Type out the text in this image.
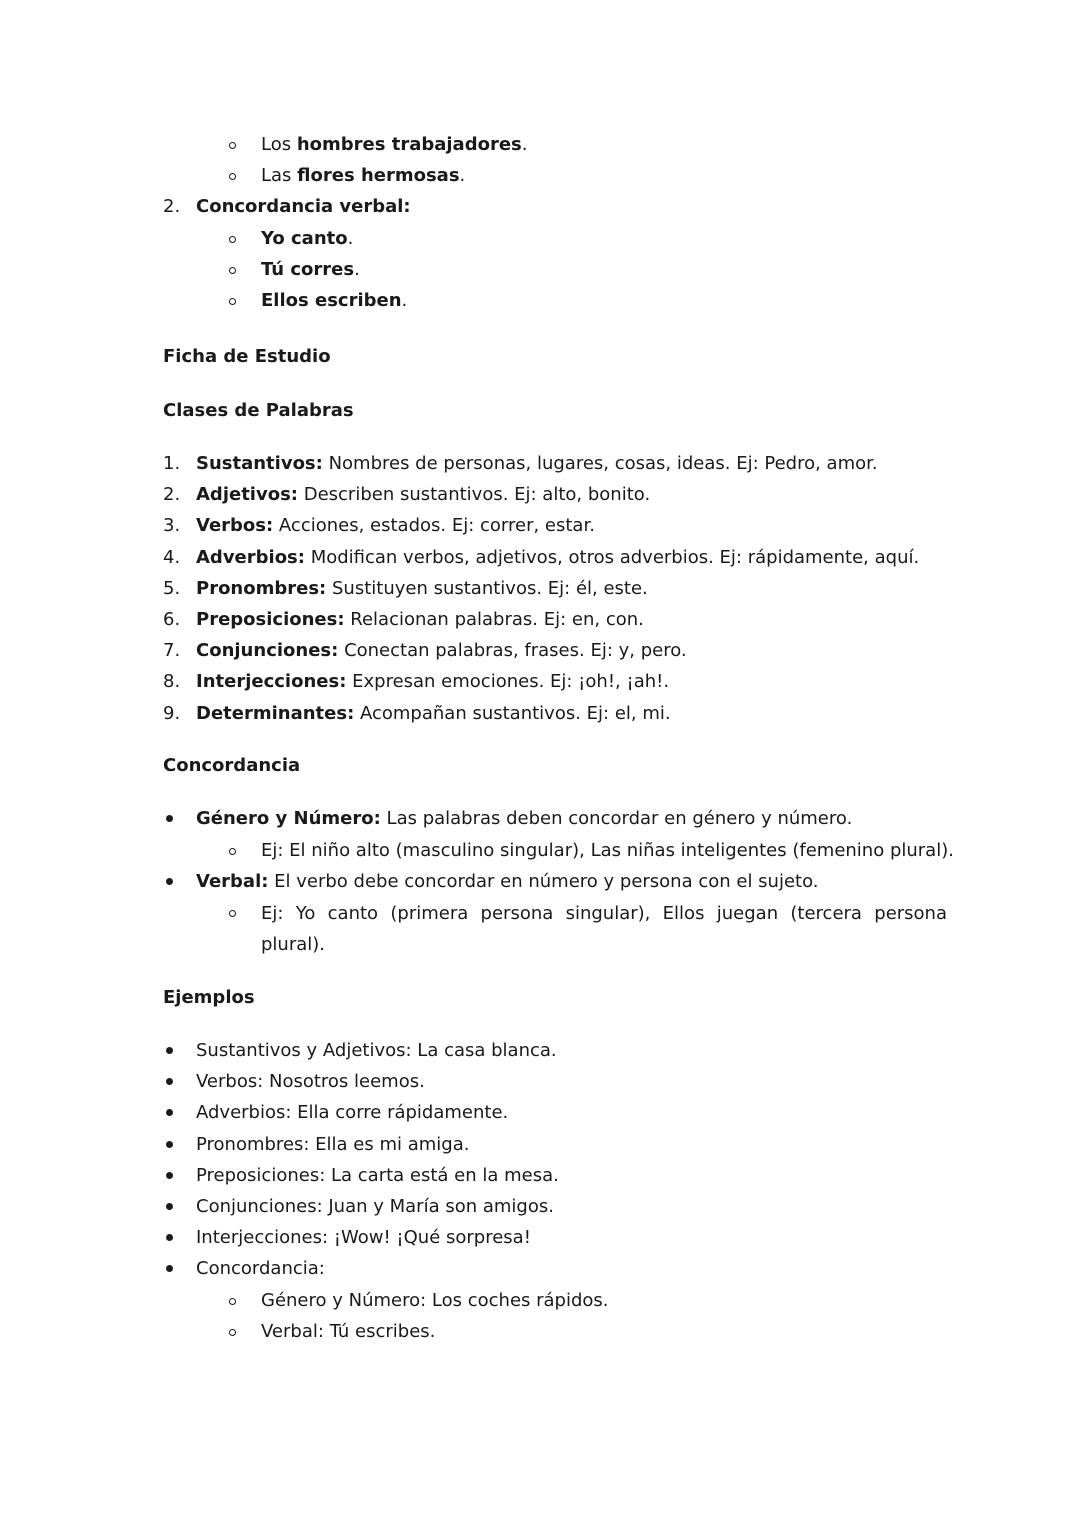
Los hombres trabajadores.
Las flores hermosas.
2. Concordancia verbal:
Yo canto.
Tú corres.
Ellos escriben.
Ficha de Estudio
Clases de Palabras
Concordancia
Género y Número: Las palabras deben concordar en género y número.
Ej: El niño alto (masculino singular), Las niñas inteligentes (femenino plural).
Verbal: El verbo debe concordar en número y persona con el sujeto.
Ej: Yo canto (primera persona singular), Ellos juegan (tercera persona plural).
Ejemplos
1. Sustantivos: Nombres de personas, lugares, cosas, ideas. Ej: Pedro, amor.
2. Adjetivos: Describen sustantivos. Ej: alto, bonito.
3. Verbos: Acciones, estados. Ej: correr, estar.
4. Adverbios: Modifican verbos, adjetivos, otros adverbios. Ej: rápidamente, aquí.
5. Pronombres: Sustituyen sustantivos. Ej: él, este.
6. Preposiciones: Relacionan palabras. Ej: en, con.
7. Conjunciones: Conectan palabras, frases. Ej: y, pero.
8. Interjecciones: Expresan emociones. Ej: ¡oh!, ¡ah!.
9. Determinantes: Acompañan sustantivos. Ej: el, mi.
Sustantivos y Adjetivos: La casa blanca.
Verbos: Nosotros leemos.
Adverbios: Ella corre rápidamente.
Pronombres: Ella es mi amiga.
Preposiciones: La carta está en la mesa.
Conjunciones: Juan y María son amigos.
Interjecciones: ¡Wow! ¡Qué sorpresa!
Concordancia:
Género y Número: Los coches rápidos.
Verbal: Tú escribes.
